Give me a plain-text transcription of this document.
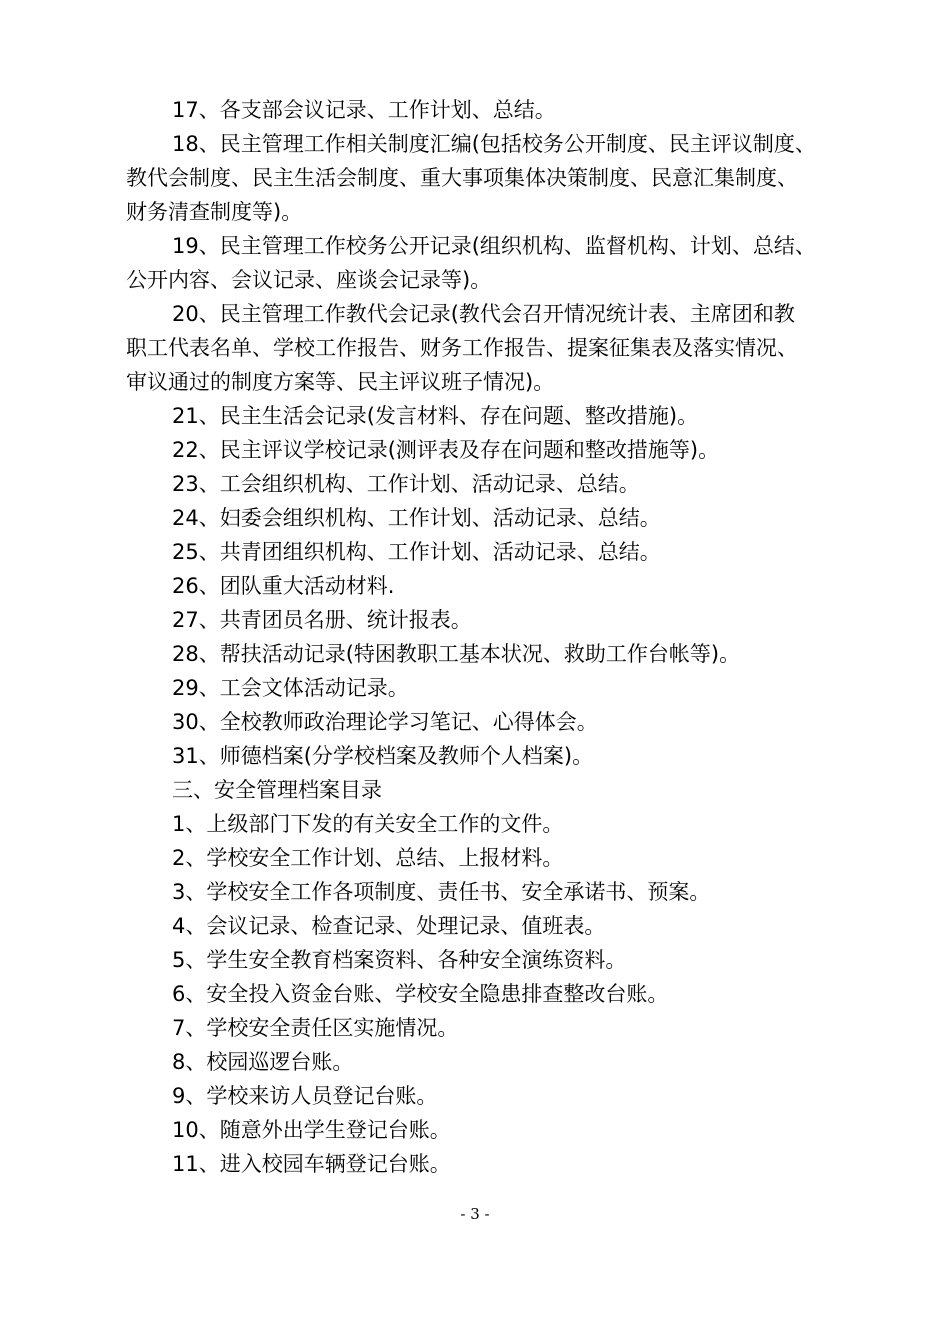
17、各支部会议记录、工作计划、总结。

18、民主管理工作相关制度汇编(包括校务公开制度、民主评议制度、
教代会制度、民主生活会制度、重大事项集体决策制度、民意汇集制度、
财务清查制度等)。

19、民主管理工作校务公开记录(组织机构、监督机构、计划、总结、
公开内容、会议记录、座谈会记录等)。

20、民主管理工作教代会记录(教代会召开情况统计表、主席团和教
职工代表名单、学校工作报告、财务工作报告、提案征集表及落实情况、
审议通过的制度方案等、民主评议班子情况)。

21、民主生活会记录(发言材料、存在问题、整改措施)。

22、民主评议学校记录(测评表及存在问题和整改措施等)。

23、工会组织机构、工作计划、活动记录、总结。

24、妇委会组织机构、工作计划、活动记录、总结。

25、共青团组织机构、工作计划、活动记录、总结。

26、团队重大活动材料.

27、共青团员名册、统计报表。

28、帮扶活动记录(特困教职工基本状况、救助工作台帐等)。

29、工会文体活动记录。

30、全校教师政治理论学习笔记、心得体会。

31、师德档案(分学校档案及教师个人档案)。

三、安全管理档案目录

1、上级部门下发的有关安全工作的文件。

2、学校安全工作计划、总结、上报材料。

3、学校安全工作各项制度、责任书、安全承诺书、预案。

4、会议记录、检查记录、处理记录、值班表。

5、学生安全教育档案资料、各种安全演练资料。

6、安全投入资金台账、学校安全隐患排查整改台账。

7、学校安全责任区实施情况。

8、校园巡逻台账。

9、学校来访人员登记台账。

10、随意外出学生登记台账。

11、进入校园车辆登记台账。

- 3 -
